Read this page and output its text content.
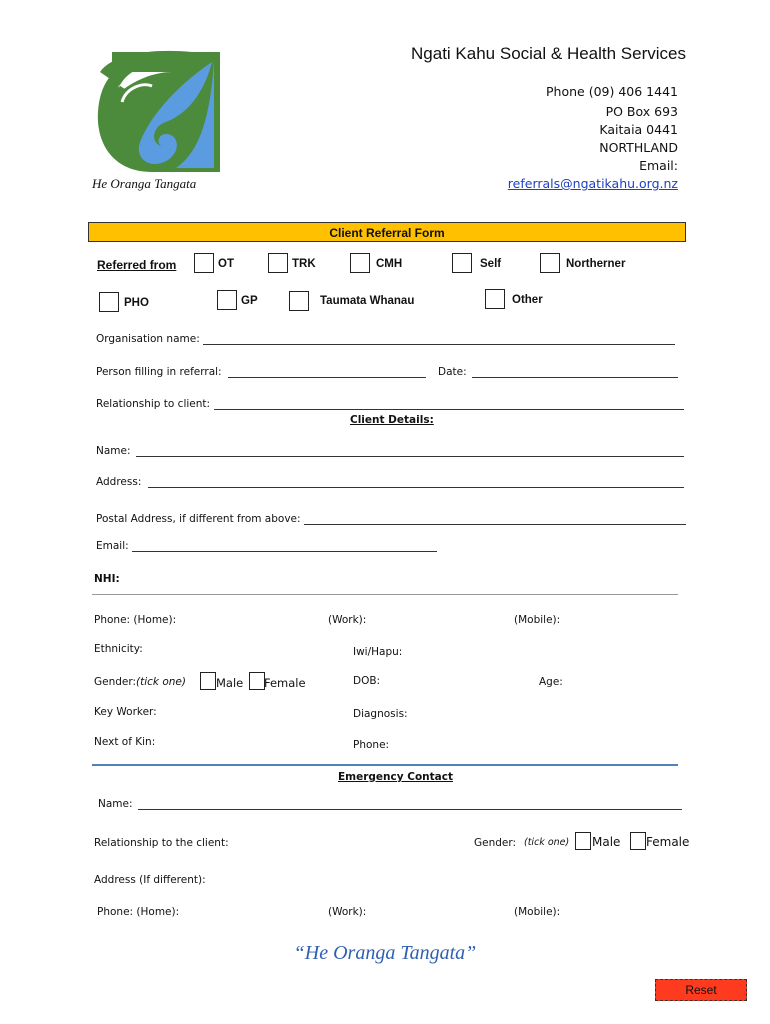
He Oranga Tangata
Ngati Kahu Social & Health Services
Phone (09) 406 1441
PO Box 693
Kaitaia 0441
NORTHLAND
Email:
referrals@ngatikahu.org.nz
Client Referral Form
Referred from	OT	TRK	CMH	Self	Northerner
PHO	GP	Taumata Whanau	Other
Organisation name:
Person filling in referral:	Date:
Relationship to client:
Client Details:
Name:
Address:
Postal Address, if different from above:
Email:
NHI:
Phone: (Home):	(Work):	(Mobile):
Ethnicity:	Iwi/Hapu:
Gender: (tick one)	Male Female	DOB:	Age:
Key Worker:	Diagnosis:
Next of Kin:	Phone:
Emergency Contact
Name:
Relationship to the client:	Gender: (tick one) Male Female
Address (If different):
Phone: (Home):	(Work):	(Mobile):
“He Oranga Tangata”
Reset
